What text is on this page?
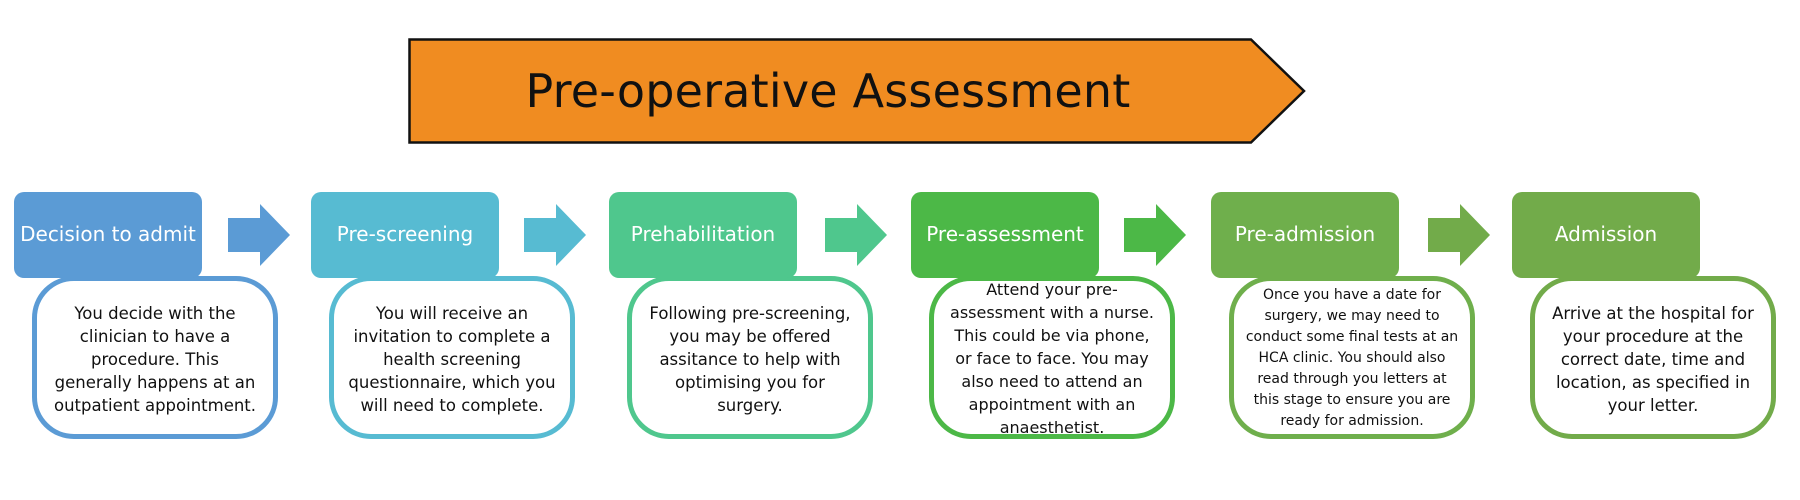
Pre-operative Assessment
Decision to admit
You decide with the clinician to have a procedure. This generally happens at an outpatient appointment.
Pre-screening
You will receive an invitation to complete a health screening questionnaire, which you will need to complete.
Prehabilitation
Following pre-screening, you may be offered assitance to help with optimising you for surgery.
Pre-assessment
Attend your pre-assessment with a nurse. This could be via phone, or face to face. You may also need to attend an appointment with an anaesthetist.
Pre-admission
Once you have a date for surgery, we may need to conduct some final tests at an HCA clinic. You should also read through you letters at this stage to ensure you are ready for admission.
Admission
Arrive at the hospital for your procedure at the correct date, time and location, as specified in your letter.
